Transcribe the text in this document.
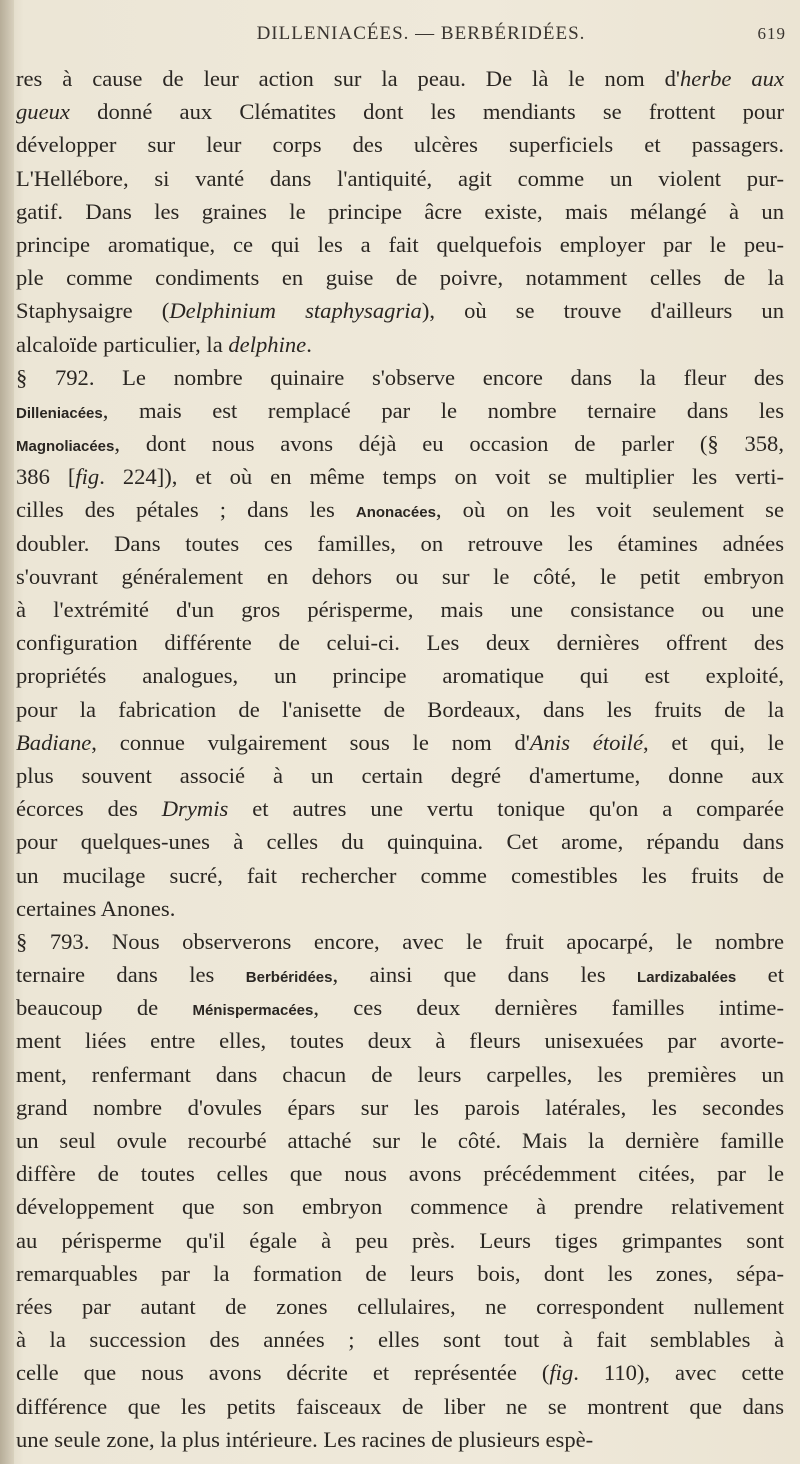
DILLENIACÉES. — BERBÉRIDÉES.	619
res à cause de leur action sur la peau. De là le nom d'herbe aux
gueux donné aux Clématites dont les mendiants se frottent pour
développer sur leur corps des ulcères superficiels et passagers.
L'Hellébore, si vanté dans l'antiquité, agit comme un violent pur-
gatif. Dans les graines le principe âcre existe, mais mélangé à un
principe aromatique, ce qui les a fait quelquefois employer par le peu-
ple comme condiments en guise de poivre, notamment celles de la
Staphysaigre (Delphinium staphysagria), où se trouve d'ailleurs un
alcaloïde particulier, la delphine.
§ 792. Le nombre quinaire s'observe encore dans la fleur des
Dilleniacées, mais est remplacé par le nombre ternaire dans les
Magnoliacées, dont nous avons déjà eu occasion de parler (§ 358,
386 [fig. 224]), et où en même temps on voit se multiplier les verti-
cilles des pétales ; dans les Anonacées, où on les voit seulement se
doubler. Dans toutes ces familles, on retrouve les étamines adnées
s'ouvrant généralement en dehors ou sur le côté, le petit embryon
à l'extrémité d'un gros périsperme, mais une consistance ou une
configuration différente de celui-ci. Les deux dernières offrent des
propriétés analogues, un principe aromatique qui est exploité,
pour la fabrication de l'anisette de Bordeaux, dans les fruits de la
Badiane, connue vulgairement sous le nom d'Anis étoilé, et qui, le
plus souvent associé à un certain degré d'amertume, donne aux
écorces des Drymis et autres une vertu tonique qu'on a comparée
pour quelques-unes à celles du quinquina. Cet arome, répandu dans
un mucilage sucré, fait rechercher comme comestibles les fruits de
certaines Anones.
§ 793. Nous observerons encore, avec le fruit apocarpé, le nombre
ternaire dans les Berbéridées, ainsi que dans les Lardizabalées et
beaucoup de Ménispermacées, ces deux dernières familles intime-
ment liées entre elles, toutes deux à fleurs unisexuées par avorte-
ment, renfermant dans chacun de leurs carpelles, les premières un
grand nombre d'ovules épars sur les parois latérales, les secondes
un seul ovule recourbé attaché sur le côté. Mais la dernière famille
diffère de toutes celles que nous avons précédemment citées, par le
développement que son embryon commence à prendre relativement
au périsperme qu'il égale à peu près. Leurs tiges grimpantes sont
remarquables par la formation de leurs bois, dont les zones, sépa-
rées par autant de zones cellulaires, ne correspondent nullement
à la succession des années ; elles sont tout à fait semblables à
celle que nous avons décrite et représentée (fig. 110), avec cette
différence que les petits faisceaux de liber ne se montrent que dans
une seule zone, la plus intérieure. Les racines de plusieurs espè-
